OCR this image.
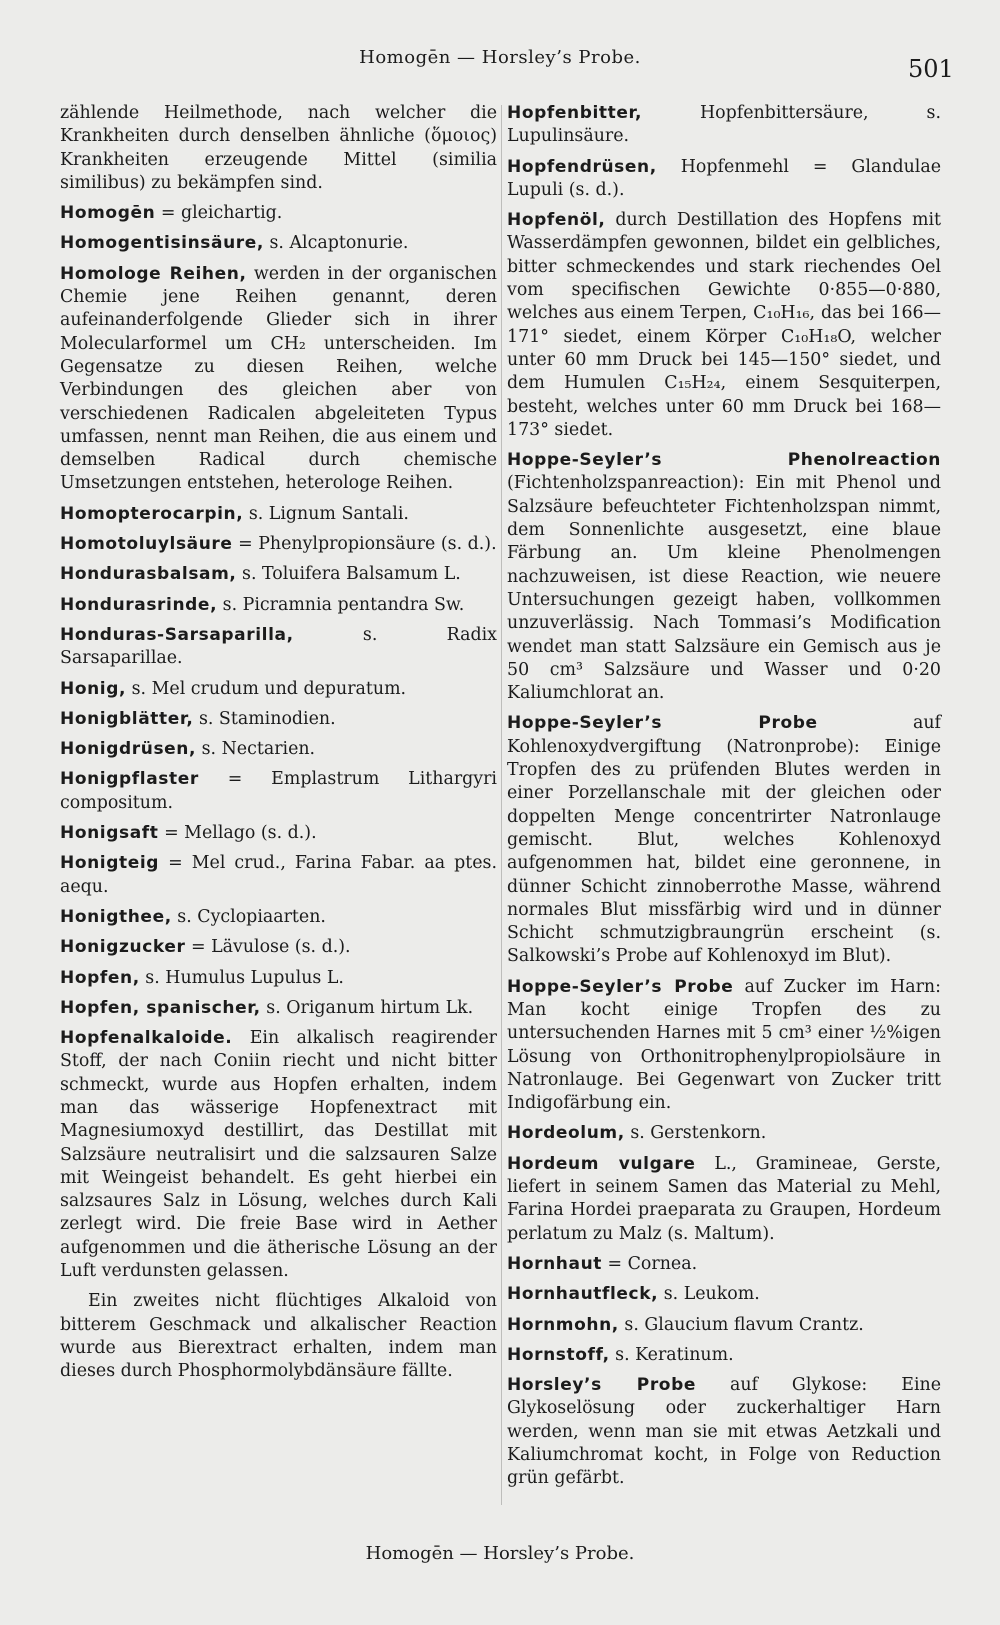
Homogēn — Horsley’s Probe.	501

zählende Heilmethode, nach welcher die Krankheiten durch denselben ähnliche (ὅμοιος) Krankheiten erzeugende Mittel (similia similibus) zu bekämpfen sind.

Homogēn = gleichartig.

Homogentisinsäure, s. Alcaptonurie.

Homologe Reihen, werden in der organischen Chemie jene Reihen genannt, deren aufeinanderfolgende Glieder sich in ihrer Molecularformel um CH₂ unterscheiden. Im Gegensatze zu diesen Reihen, welche Verbindungen des gleichen aber von verschiedenen Radicalen abgeleiteten Typus umfassen, nennt man Reihen, die aus einem und demselben Radical durch chemische Umsetzungen entstehen, heterologe Reihen.

Homopterocarpin, s. Lignum Santali.

Homotoluylsäure = Phenylpropionsäure (s. d.).

Hondurasbalsam, s. Toluifera Balsamum L.

Hondurasrinde, s. Picramnia pentandra Sw.

Honduras-Sarsaparilla,	s. Radix Sarsaparillae.

Honig, s. Mel crudum und depuratum.

Honigblätter, s. Staminodien.

Honigdrüsen, s. Nectarien.

Honigpflaster = Emplastrum Lithargyri compositum.

Honigsaft = Mellago (s. d.).

Honigteig = Mel crud., Farina Fabar. aa ptes. aequ.

Honigthee, s. Cyclopiaarten.

Honigzucker = Lävulose (s. d.).

Hopfen, s. Humulus Lupulus L.

Hopfen, spanischer, s. Origanum hirtum Lk.

Hopfenalkaloide. Ein alkalisch reagirender Stoff, der nach Coniin riecht und nicht bitter schmeckt, wurde aus Hopfen erhalten, indem man das wässerige Hopfenextract mit Magnesiumoxyd destillirt, das Destillat mit Salzsäure neutralisirt und die salzsauren Salze mit Weingeist behandelt. Es geht hierbei ein salzsaures Salz in Lösung, welches durch Kali zerlegt wird. Die freie Base wird in Aether aufgenommen und die ätherische Lösung an der Luft verdunsten gelassen.

Ein zweites nicht flüchtiges Alkaloid von bitterem Geschmack und alkalischer Reaction wurde aus Bierextract erhalten, indem man dieses durch Phosphormolybdänsäure fällte.

Hopfenbitter,	Hopfenbittersäure, s. Lupulinsäure.

Hopfendrüsen, Hopfenmehl = Glandulae Lupuli (s. d.).

Hopfenöl, durch Destillation des Hopfens mit Wasserdämpfen gewonnen, bildet ein gelbliches, bitter schmeckendes und stark riechendes Oel vom specifischen Gewichte 0·855—0·880, welches aus einem Terpen, C₁₀H₁₆, das bei 166—171° siedet, einem Körper C₁₀H₁₈O, welcher unter 60 mm Druck bei 145—150° siedet, und dem Humulen C₁₅H₂₄, einem Sesquiterpen, besteht, welches unter 60 mm Druck bei 168—173° siedet.

Hoppe-Seyler’s Phenolreaction (Fichtenholzspanreaction): Ein mit Phenol und Salzsäure befeuchteter Fichtenholzspan nimmt, dem Sonnenlichte ausgesetzt, eine blaue Färbung an. Um kleine Phenolmengen nachzuweisen, ist diese Reaction, wie neuere Untersuchungen gezeigt haben, vollkommen unzuverlässig. Nach Tommasi’s Modification wendet man statt Salzsäure ein Gemisch aus je 50 cm³ Salzsäure und Wasser und 0·20 Kaliumchlorat an.

Hoppe-Seyler’s Probe	auf Kohlenoxydvergiftung (Natronprobe): Einige Tropfen des zu prüfenden Blutes werden in einer Porzellanschale mit der gleichen oder doppelten Menge concentrirter Natronlauge gemischt. Blut, welches Kohlenoxyd aufgenommen hat, bildet eine geronnene, in dünner Schicht zinnoberrothe Masse, während normales Blut missfärbig wird und in dünner Schicht schmutzigbraungrün erscheint (s. Salkowski’s Probe auf Kohlenoxyd im Blut).

Hoppe-Seyler’s Probe auf Zucker im Harn: Man kocht einige Tropfen des zu untersuchenden Harnes mit 5 cm³ einer ½%igen Lösung von Orthonitrophenylpropiolsäure in Natronlauge. Bei Gegenwart von Zucker tritt Indigofärbung ein.

Hordeolum, s. Gerstenkorn.

Hordeum vulgare L., Gramineae, Gerste, liefert in seinem Samen das Material zu Mehl, Farina Hordei praeparata zu Graupen, Hordeum perlatum zu Malz (s. Maltum).

Hornhaut = Cornea.

Hornhautfleck, s. Leukom.

Hornmohn, s. Glaucium flavum Crantz.

Hornstoff, s. Keratinum.

Horsley’s Probe auf Glykose: Eine Glykoselösung oder zuckerhaltiger Harn werden, wenn man sie mit etwas Aetzkali und Kaliumchromat kocht, in Folge von Reduction grün gefärbt.

Homogēn — Horsley’s Probe.
